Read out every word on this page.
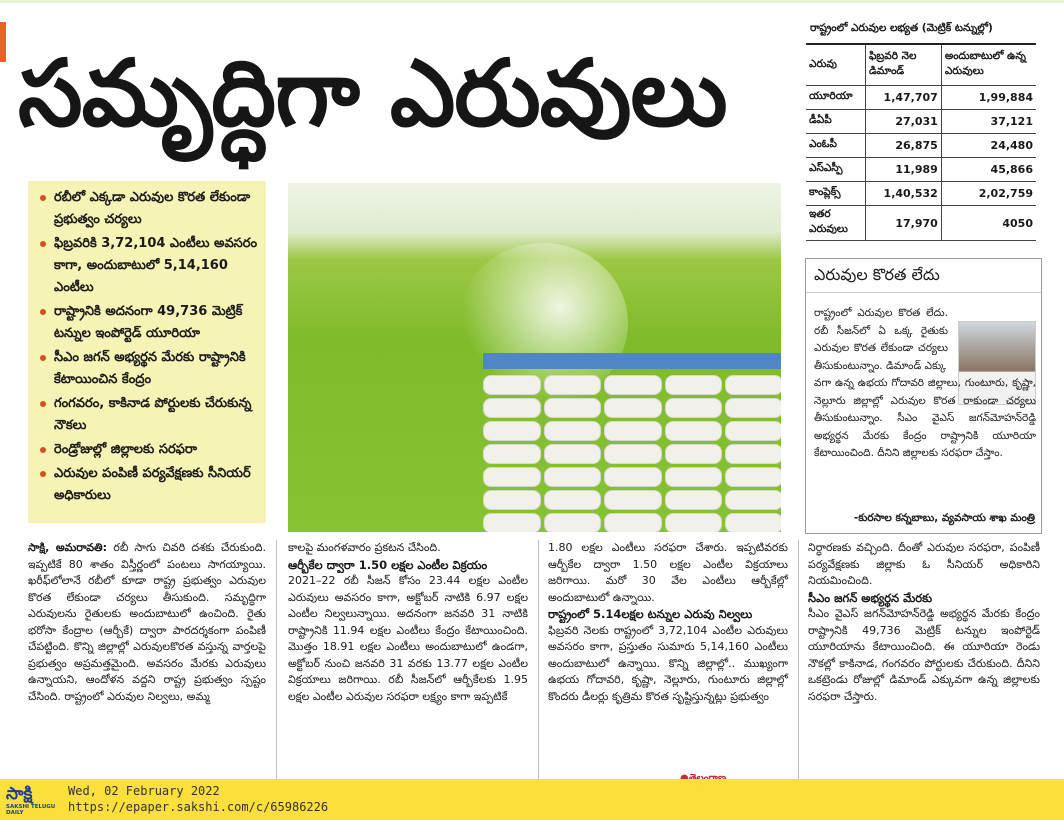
సమృద్ధిగా ఎరువులు
రాష్ట్రంలో ఎరువుల లభ్యత (మెట్రిక్ టన్నుల్లో)
ఎరువు	ఫిబ్రవరి నెల డిమాండ్	అందుబాటులో ఉన్న ఎరువులు
యూరియా	1,47,707	1,99,884
డీఏపీ	27,031	37,121
ఎంఓపీ	26,875	24,480
ఎస్ఎస్పీ	11,989	45,866
కాంప్లెక్స్	1,40,532	2,02,759
ఇతర ఎరువులు	17,970	4050
రబీలో ఎక్కడా ఎరువుల కొరత లేకుండా ప్రభుత్వం చర్యలు
ఫిబ్రవరికి 3,72,104 ఎంటీలు అవసరం కాగా, అందుబాటులో 5,14,160 ఎంటీలు
రాష్ట్రానికి అదనంగా 49,736 మెట్రిక్ టన్నుల ఇంపోర్టెడ్ యూరియా
సీఎం జగన్ అభ్యర్థన మేరకు రాష్ట్రానికి కేటాయించిన కేంద్రం
గంగవరం, కాకినాడ పోర్టులకు చేరుకున్న నౌకలు
రెండ్రోజుల్లో జిల్లాలకు సరఫరా
ఎరువుల పంపిణీ పర్యవేక్షణకు సీనియర్ అధికారులు
ఎరువుల కొరత లేదు
రాష్ట్రంలో ఎరువుల కొరత లేదు. రబీ సీజన్‌లో ఏ ఒక్క రైతుకు ఎరువుల కొరత లేకుండా చర్యలు తీసుకుంటున్నాం. డిమాండ్ ఎక్కు
వగా ఉన్న ఉభయ గోదావరి జిల్లాలు, గుంటూరు, కృష్ణా, నెల్లూరు జిల్లాల్లో ఎరువుల కొరత రాకుండా చర్యలు తీసుకుంటున్నాం. సీఎం వైఎస్ జగన్‌మోహన్‌రెడ్డి అభ్యర్థన మేరకు కేంద్రం రాష్ట్రానికి యూరియా కేటాయించింది. దీనిని జిల్లాలకు సరఫరా చేస్తాం.
-కురసాల కన్నబాబు, వ్యవసాయ శాఖ మంత్రి
సాక్షి, అమరావతి: రబీ సాగు చివరి దశకు చేరుకుంది. ఇప్పటికే 80 శాతం విస్తీర్ణంలో పంటలు సాగయ్యాయి. ఖరీఫ్‌లోలానే రబీలో కూడా రాష్ట్ర ప్రభుత్వం ఎరువుల కొరత లేకుండా చర్యలు తీసుకుంది. సమృద్ధిగా ఎరువులను రైతులకు అందుబాటులో ఉంచింది. రైతు భరోసా కేంద్రాల (ఆర్బీకే) ద్వారా పారదర్శకంగా పంపిణీ చేపట్టింది. కొన్ని జిల్లాల్లో ఎరువులకొరత వస్తున్న వార్తలపై ప్రభుత్వం అప్రమత్తమైంది. అవసరం మేరకు ఎరువులు ఉన్నాయని, ఆందోళన వద్దని రాష్ట్ర ప్రభుత్వం స్పష్టం చేసింది. రాష్ట్రంలో ఎరువుల నిల్వలు, అమ్మ
కాలపై మంగళవారం ప్రకటన చేసింది.
ఆర్బీకేల ద్వారా 1.50 లక్షల ఎంటీల విక్రయం
2021–22 రబీ సీజన్ కోసం 23.44 లక్షల ఎంటీల ఎరువులు అవసరం కాగా, అక్టోబర్ నాటికి 6.97 లక్షల ఎంటీల నిల్వలున్నాయి. అదనంగా జనవరి 31 నాటికి రాష్ట్రానికి 11.94 లక్షల ఎంటీలు కేంద్రం కేటాయించింది. మొత్తం 18.91 లక్షల ఎంటీలు అందుబాటులో ఉండగా, అక్టోబర్ నుంచి జనవరి 31 వరకు 13.77 లక్షల ఎంటీల విక్రయాలు జరిగాయి. రబీ సీజన్‌లో ఆర్బీకేలకు 1.95 లక్షల ఎంటీల ఎరువుల సరఫరా లక్ష్యం కాగా ఇప్పటికే
1.80 లక్షల ఎంటీలు సరఫరా చేశారు. ఇప్పటివరకు ఆర్బీకేల ద్వారా 1.50 లక్షల ఎంటీల విక్రయాలు జరిగాయి. మరో 30 వేల ఎంటీలు ఆర్బీకేల్లో అందుబాటులో ఉన్నాయి.
రాష్ట్రంలో 5.14లక్షల టన్నుల ఎరువు నిల్వలు
ఫిబ్రవరి నెలకు రాష్ట్రంలో 3,72,104 ఎంటీల ఎరువులు అవసరం కాగా, ప్రస్తుతం సుమారు 5,14,160 ఎంటీలు అందుబాటులో ఉన్నాయి. కొన్ని జిల్లాల్లో.. ముఖ్యంగా ఉభయ గోదావరి, కృష్ణా, నెల్లూరు, గుంటూరు జిల్లాల్లో కొందరు డీలర్లు కృత్రిమ కొరత సృష్టిస్తున్నట్లు ప్రభుత్వం
నిర్ధారణకు వచ్చింది. దీంతో ఎరువుల సరఫరా, పంపిణీ పర్యవేక్షణకు జిల్లాకు ఓ సీనియర్ అధికారిని నియమించింది.
సీఎం జగన్ అభ్యర్థన మేరకు
సీఎం వైఎస్ జగన్‌మోహన్‌రెడ్డి అభ్యర్థన మేరకు కేంద్రం రాష్ట్రానికి 49,736 మెట్రిక్ టన్నుల ఇంపోర్టెడ్ యూరియాను కేటాయించింది. ఈ యూరియా రెండు నౌకల్లో కాకినాడ, గంగవరం పోర్టులకు చేరుకుంది. దీనిని ఒకట్రెండు రోజుల్లో డిమాండ్ ఎక్కువగా ఉన్న జిల్లాలకు సరఫరా చేస్తారు.
సాక్షి
SAKSHI TELUGU DAILY
Wed, 02 February 2022
https://epaper.sakshi.com/c/65986226
